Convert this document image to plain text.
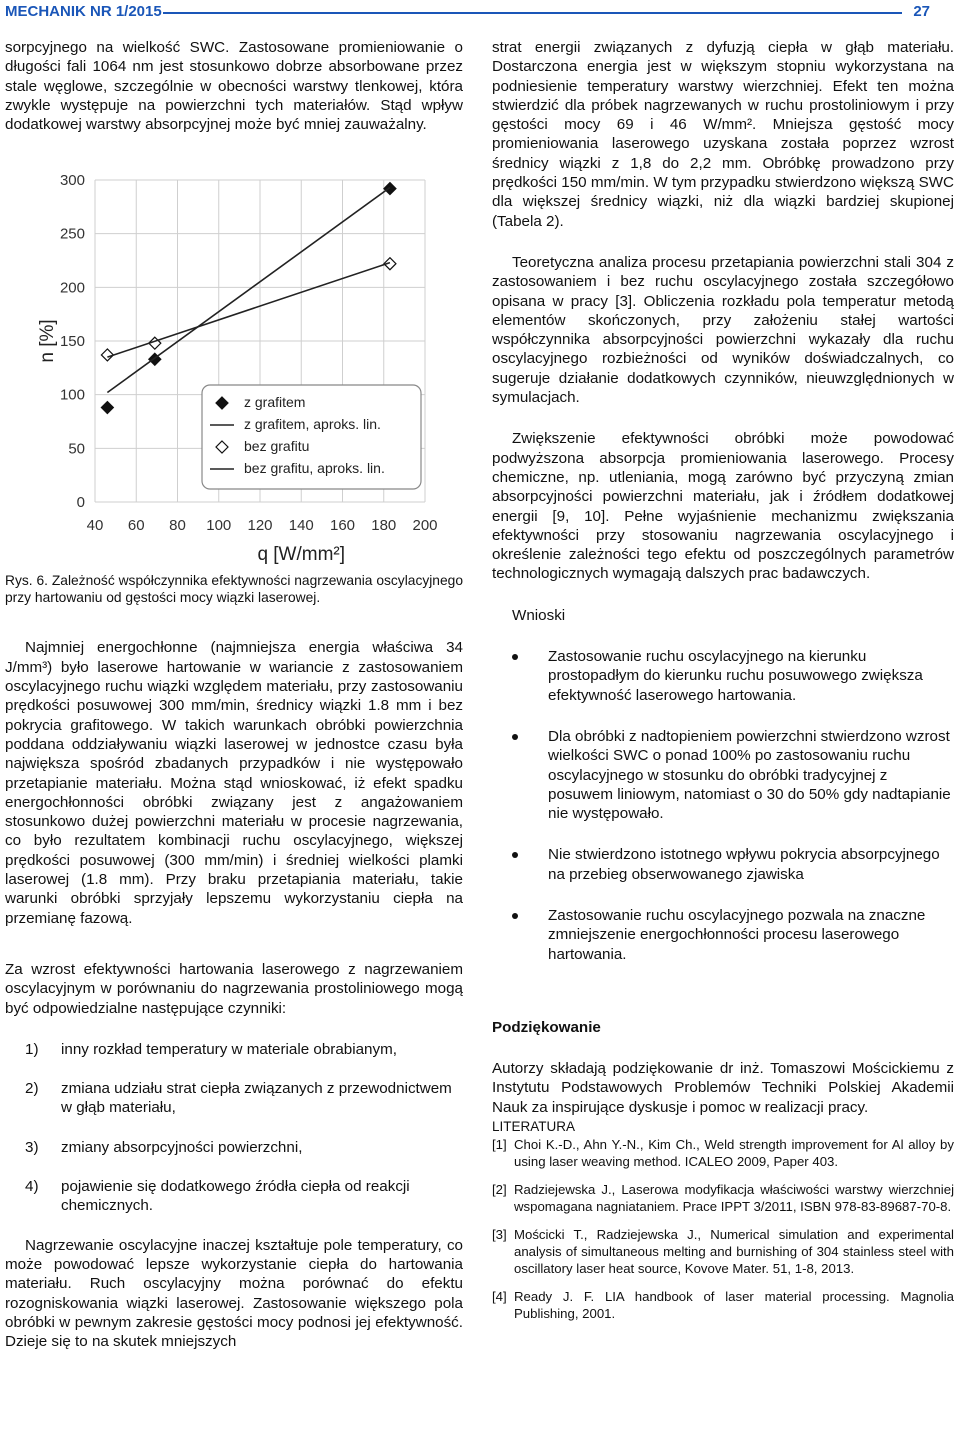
MECHANIK NR 1/2015	27

sorpcyjnego na wielkość SWC. Zastosowane promieniowanie o długości fali 1064 nm jest stosunkowo dobrze absorbowane przez stale węglowe, szczególnie w obecności warstwy tlenkowej, która zwykle występuje na powierzchni tych materiałów. Stąd wpływ dodatkowej warstwy absorpcyjnej może być mniej zauważalny.

40 60 80 100 120 140 160 180 200
0
50
100
150
200
250
300
q [W/mm²]
n [%]
z grafitem
z grafitem, aproks. lin.
bez grafitu
bez grafitu, aproks. lin.

Rys. 6. Zależność współczynnika efektywności nagrzewania oscylacyjnego przy hartowaniu od gęstości mocy wiązki laserowej.

Najmniej energochłonne (najmniejsza energia właściwa 34 J/mm³) było laserowe hartowanie w wariancie z zastosowaniem oscylacyjnego ruchu wiązki względem materiału, przy zastosowaniu prędkości posuwowej 300 mm/min, średnicy wiązki 1.8 mm i bez pokrycia grafitowego. W takich warunkach obróbki powierzchnia poddana oddziaływaniu wiązki laserowej w jednostce czasu była największa spośród zbadanych przypadków i nie występowało przetapianie materiału. Można stąd wnioskować, iż efekt spadku energochłonności obróbki związany jest z angażowaniem stosunkowo dużej powierzchni materiału w procesie nagrzewania, co było rezultatem kombinacji ruchu oscylacyjnego, większej prędkości posuwowej (300 mm/min) i średniej wielkości plamki laserowej (1.8 mm). Przy braku przetapiania materiału, takie warunki obróbki sprzyjały lepszemu wykorzystaniu ciepła na przemianę fazową.

Za wzrost efektywności hartowania laserowego z nagrzewaniem oscylacyjnym w porównaniu do nagrzewania prostoliniowego mogą być odpowiedzialne następujące czynniki:

1) inny rozkład temperatury w materiale obrabianym,
2) zmiana udziału strat ciepła związanych z przewodnictwem w głąb materiału,
3) zmiany absorpcyjności powierzchni,
4) pojawienie się dodatkowego źródła ciepła od reakcji chemicznych.

Nagrzewanie oscylacyjne inaczej kształtuje pole temperatury, co może powodować lepsze wykorzystanie ciepła do hartowania materiału. Ruch oscylacyjny można porównać do efektu rozogniskowania wiązki laserowej. Zastosowanie większego pola obróbki w pewnym zakresie gęstości mocy podnosi jej efektywność. Dzieje się to na skutek mniejszych

strat energii związanych z dyfuzją ciepła w głąb materiału. Dostarczona energia jest w większym stopniu wykorzystana na podniesienie temperatury warstwy wierzchniej. Efekt ten można stwierdzić dla próbek nagrzewanych w ruchu prostoliniowym i przy gęstości mocy 69 i 46 W/mm². Mniejsza gęstość mocy promieniowania laserowego uzyskana została poprzez wzrost średnicy wiązki z 1,8 do 2,2 mm. Obróbkę prowadzono przy prędkości 150 mm/min. W tym przypadku stwierdzono większą SWC dla większej średnicy wiązki, niż dla wiązki bardziej skupionej (Tabela 2).

Teoretyczna analiza procesu przetapiania powierzchni stali 304 z zastosowaniem i bez ruchu oscylacyjnego została szczegółowo opisana w pracy [3]. Obliczenia rozkładu pola temperatur metodą elementów skończonych, przy założeniu stałej wartości współczynnika absorpcyjności powierzchni wykazały dla ruchu oscylacyjnego rozbieżności od wyników doświadczalnych, co sugeruje działanie dodatkowych czynników, nieuwzględnionych w symulacjach.

Zwiększenie efektywności obróbki może powodować podwyższona absorpcja promieniowania laserowego. Procesy chemiczne, np. utleniania, mogą zarówno być przyczyną zmian absorpcyjności powierzchni materiału, jak i źródłem dodatkowej energii [9, 10]. Pełne wyjaśnienie mechanizmu zwiększania efektywności przy stosowaniu nagrzewania oscylacyjnego i określenie zależności tego efektu od poszczególnych parametrów technologicznych wymagają dalszych prac badawczych.

Wnioski

Zastosowanie ruchu oscylacyjnego na kierunku prostopadłym do kierunku ruchu posuwowego zwiększa efektywność laserowego hartowania.
Dla obróbki z nadtopieniem powierzchni stwierdzono wzrost wielkości SWC o ponad 100% po zastosowaniu ruchu oscylacyjnego w stosunku do obróbki tradycyjnej z posuwem liniowym, natomiast o 30 do 50% gdy nadtapianie nie występowało.
Nie stwierdzono istotnego wpływu pokrycia absorpcyjnego na przebieg obserwowanego zjawiska
Zastosowanie ruchu oscylacyjnego pozwala na znaczne zmniejszenie energochłonności procesu laserowego hartowania.

Podziękowanie

Autorzy składają podziękowanie dr inż. Tomaszowi Mościckiemu z Instytutu Podstawowych Problemów Techniki Polskiej Akademii Nauk za inspirujące dyskusje i pomoc w realizacji pracy.

LITERATURA

[1] Choi K.-D., Ahn Y.-N., Kim Ch., Weld strength improvement for Al alloy by using laser weaving method. ICALEO 2009, Paper 403.
[2] Radziejewska J., Laserowa modyfikacja właściwości warstwy wierzchniej wspomagana nagniataniem. Prace IPPT 3/2011, ISBN 978-83-89687-70-8.
[3] Mościcki T., Radziejewska J., Numerical simulation and experimental analysis of simultaneous melting and burnishing of 304 stainless steel with oscillatory laser heat source, Kovove Mater. 51, 1-8, 2013.
[4] Ready J. F. LIA handbook of laser material processing. Magnolia Publishing, 2001.
